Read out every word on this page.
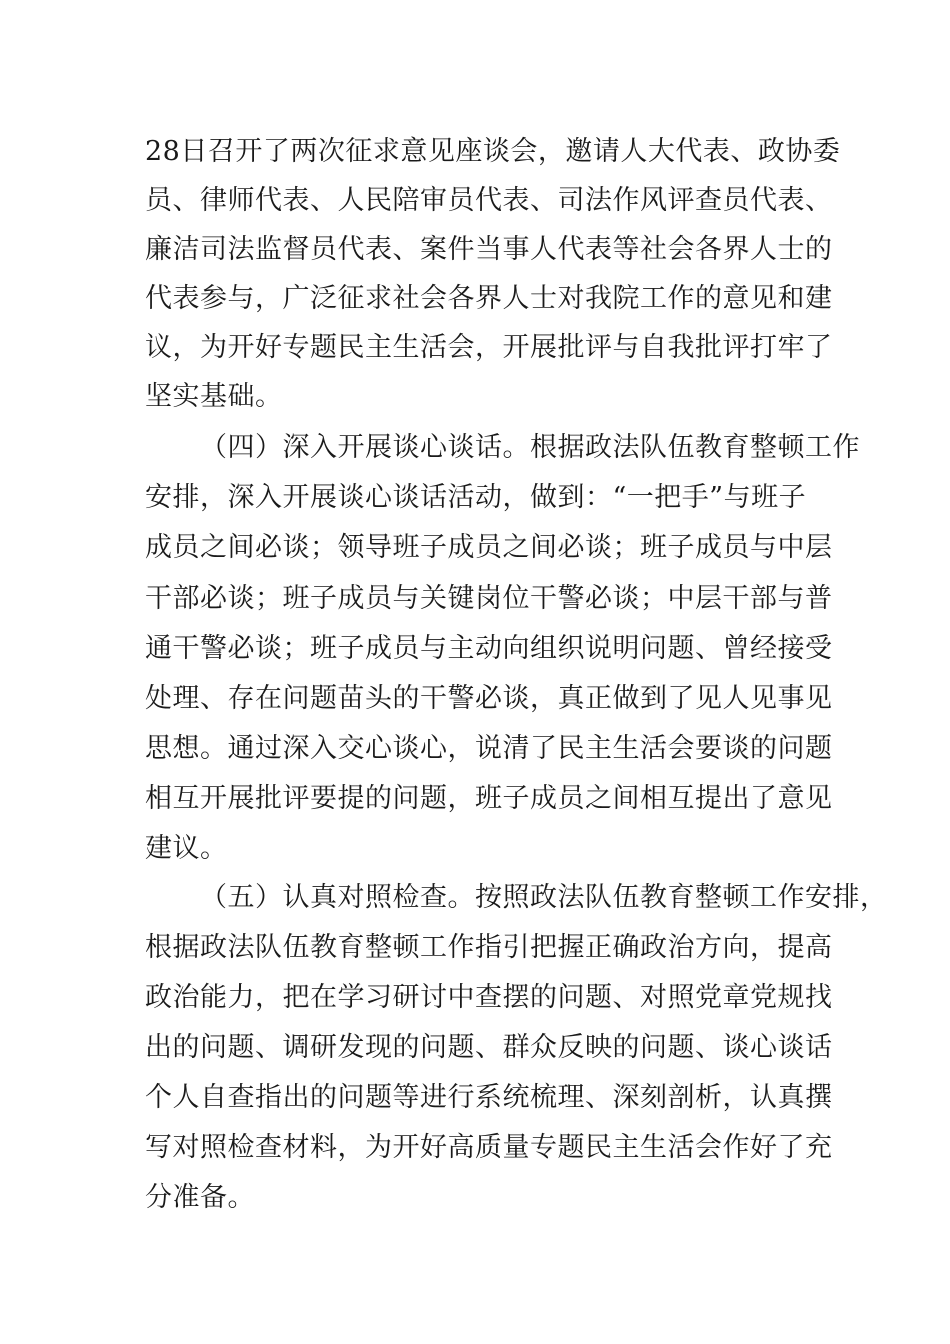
28日召开了两次征求意见座谈会，邀请人大代表、政协委
员、律师代表、人民陪审员代表、司法作风评查员代表、
廉洁司法监督员代表、案件当事人代表等社会各界人士的
代表参与，广泛征求社会各界人士对我院工作的意见和建
议，为开好专题民主生活会，开展批评与自我批评打牢了
坚实基础。
（四）深入开展谈心谈话。根据政法队伍教育整顿工作
安排，深入开展谈心谈话活动，做到：“一把手”与班子
成员之间必谈；领导班子成员之间必谈；班子成员与中层
干部必谈；班子成员与关键岗位干警必谈；中层干部与普
通干警必谈；班子成员与主动向组织说明问题、曾经接受
处理、存在问题苗头的干警必谈，真正做到了见人见事见
思想。通过深入交心谈心，说清了民主生活会要谈的问题
相互开展批评要提的问题，班子成员之间相互提出了意见
建议。
（五）认真对照检查。按照政法队伍教育整顿工作安排，
根据政法队伍教育整顿工作指引把握正确政治方向，提高
政治能力，把在学习研讨中查摆的问题、对照党章党规找
出的问题、调研发现的问题、群众反映的问题、谈心谈话
个人自查指出的问题等进行系统梳理、深刻剖析，认真撰
写对照检查材料，为开好高质量专题民主生活会作好了充
分准备。
